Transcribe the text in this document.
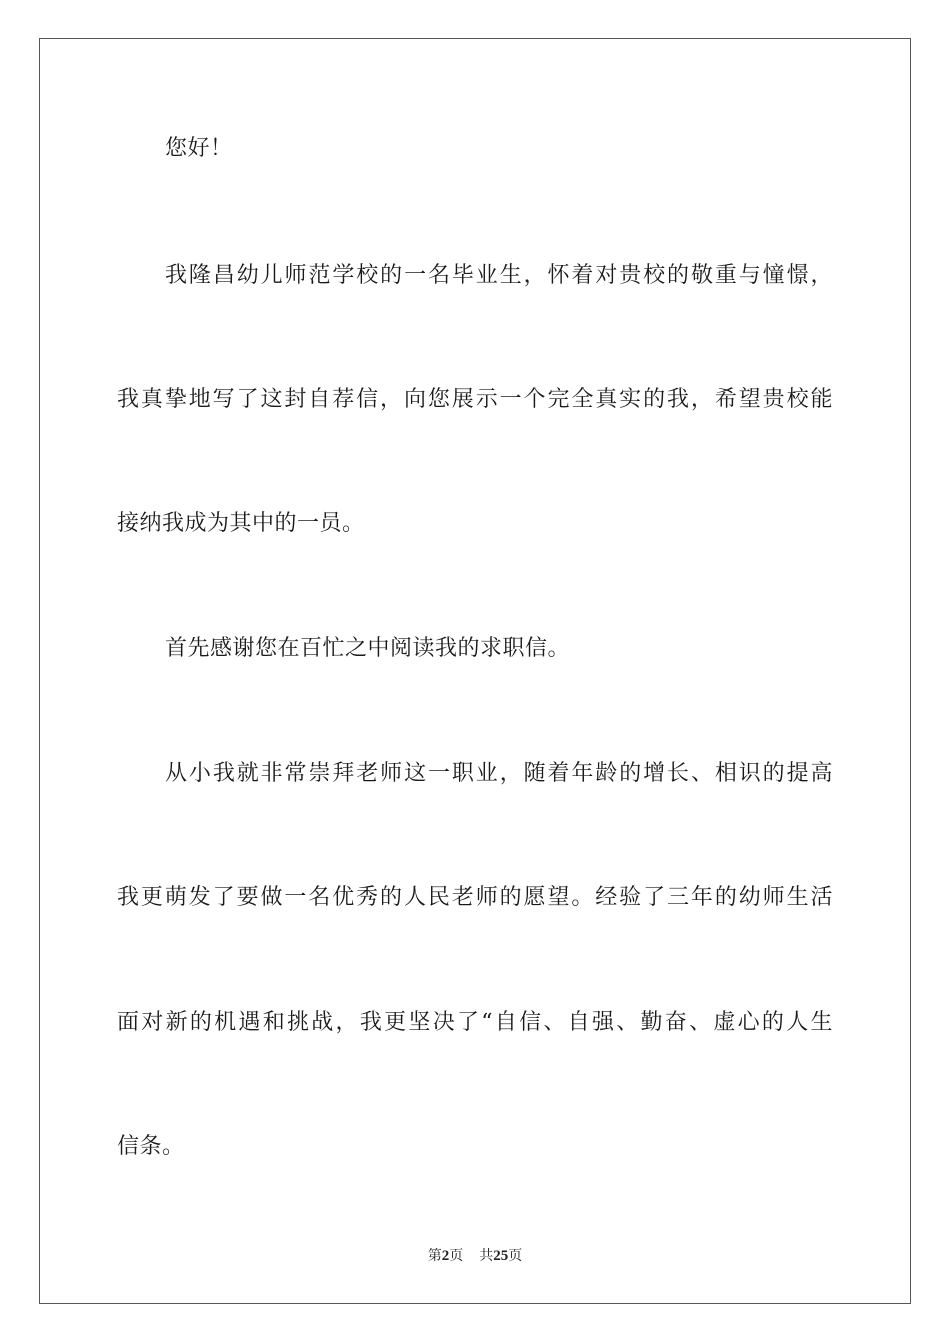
您好！
我隆昌幼儿师范学校的一名毕业生，怀着对贵校的敬重与憧憬，
我真挚地写了这封自荐信，向您展示一个完全真实的我，希望贵校能
接纳我成为其中的一员。
首先感谢您在百忙之中阅读我的求职信。
从小我就非常崇拜老师这一职业，随着年龄的增长、相识的提高
我更萌发了要做一名优秀的人民老师的愿望。经验了三年的幼师生活
面对新的机遇和挑战，我更坚决了“自信、自强、勤奋、虚心的人生
信条。
第2页 共25页
